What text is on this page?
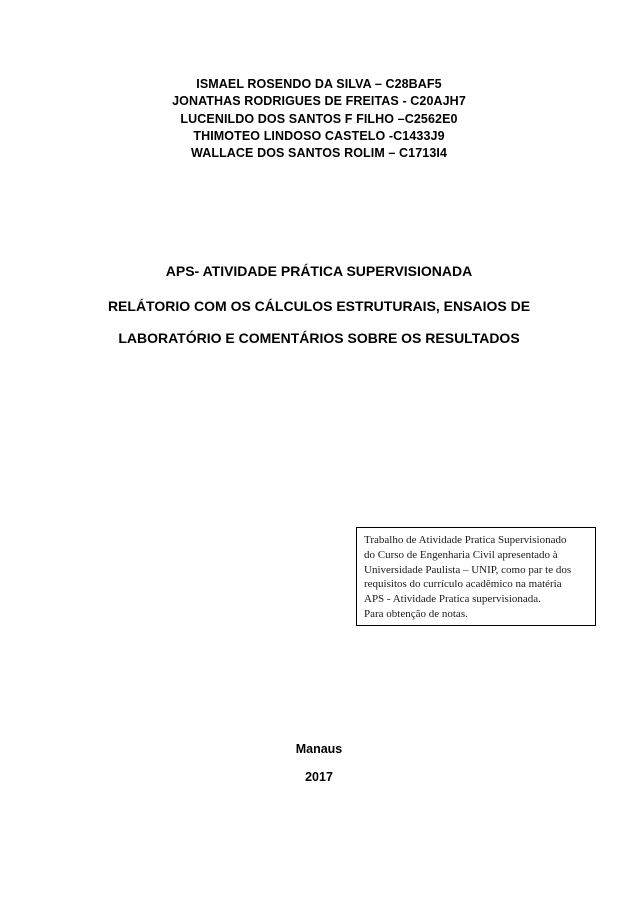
ISMAEL ROSENDO DA SILVA – C28BAF5
JONATHAS RODRIGUES DE FREITAS - C20AJH7
LUCENILDO DOS SANTOS F FILHO –C2562E0
THIMOTEO LINDOSO CASTELO -C1433J9
WALLACE DOS SANTOS ROLIM – C1713I4
APS- ATIVIDADE PRÁTICA SUPERVISIONADA
RELÁTORIO COM OS CÁLCULOS ESTRUTURAIS, ENSAIOS DE
LABORATÓRIO E COMENTÁRIOS SOBRE OS RESULTADOS
Trabalho de Atividade Pratica Supervisionado
do Curso de Engenharia Civil apresentado à
Universidade Paulista – UNIP, como par te dos
requisitos do currículo acadêmico na matéria
APS - Atividade Pratica supervisionada.
Para obtenção de notas.
Manaus
2017
